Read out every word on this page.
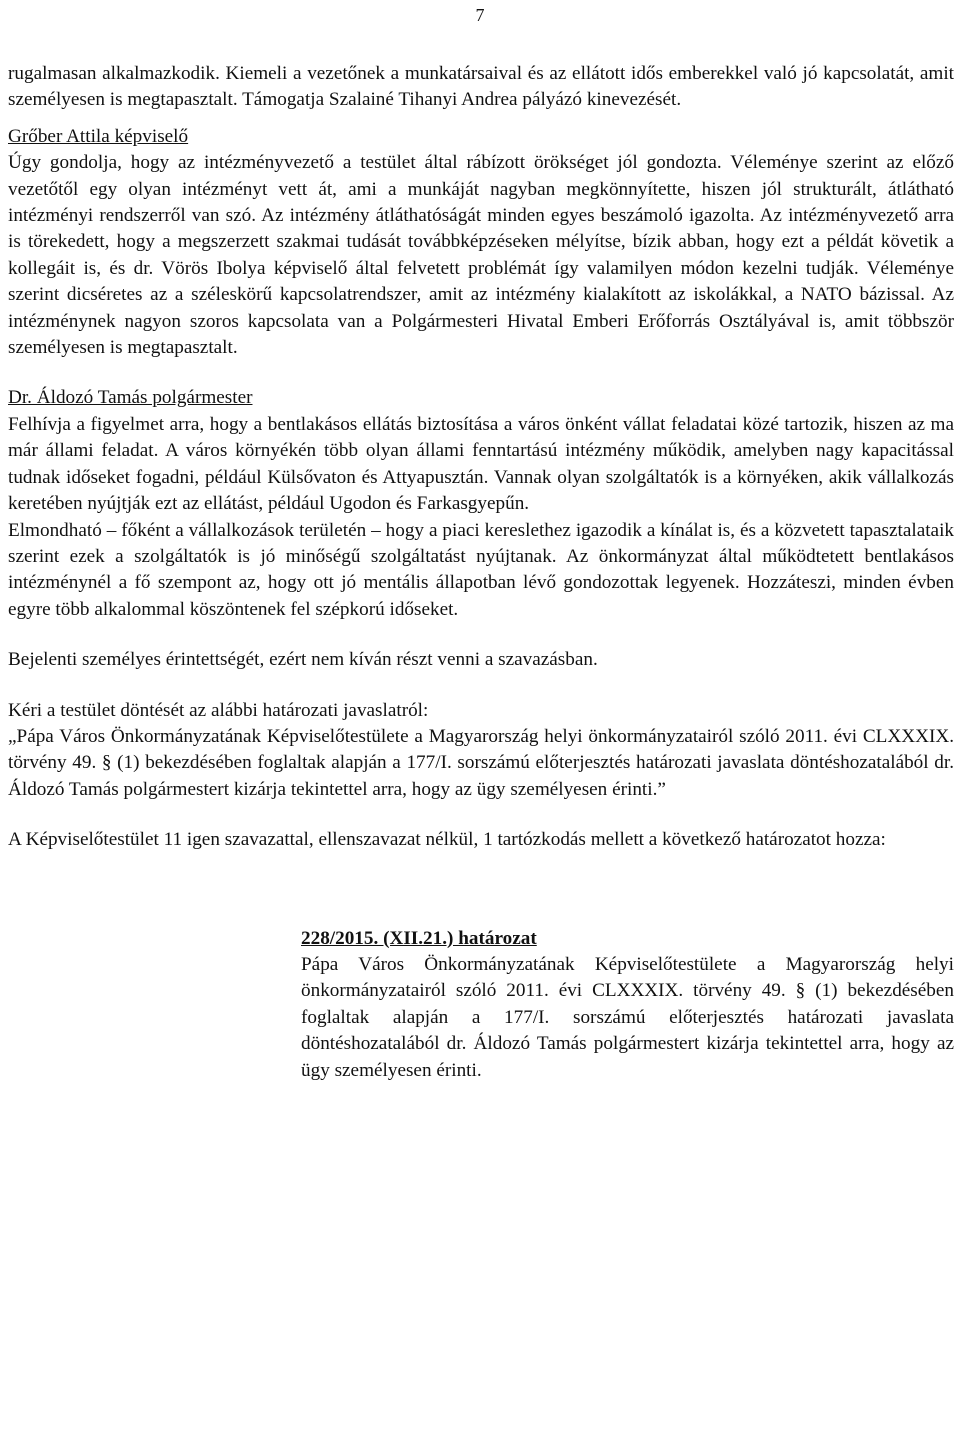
7

rugalmasan alkalmazkodik. Kiemeli a vezetőnek a munkatársaival és az ellátott idős emberekkel való jó kapcsolatát, amit személyesen is megtapasztalt. Támogatja Szalainé Tihanyi Andrea pályázó kinevezését.

Grőber Attila képviselő

Úgy gondolja, hogy az intézményvezető a testület által rábízott örökséget jól gondozta. Véleménye szerint az előző vezetőtől egy olyan intézményt vett át, ami a munkáját nagyban megkönnyítette, hiszen jól strukturált, átlátható intézményi rendszerről van szó. Az intézmény átláthatóságát minden egyes beszámoló igazolta. Az intézményvezető arra is törekedett, hogy a megszerzett szakmai tudását továbbképzéseken mélyítse, bízik abban, hogy ezt a példát követik a kollegáit is, és dr. Vörös Ibolya képviselő által felvetett problémát így valamilyen módon kezelni tudják. Véleménye szerint dicséretes az a széleskörű kapcsolatrendszer, amit az intézmény kialakított az iskolákkal, a NATO bázissal. Az intézménynek nagyon szoros kapcsolata van a Polgármesteri Hivatal Emberi Erőforrás Osztályával is, amit többször személyesen is megtapasztalt.

Dr. Áldozó Tamás polgármester

Felhívja a figyelmet arra, hogy a bentlakásos ellátás biztosítása a város önként vállat feladatai közé tartozik, hiszen az ma már állami feladat. A város környékén több olyan állami fenntartású intézmény működik, amelyben nagy kapacitással tudnak időseket fogadni, például Külsővaton és Attyapusztán. Vannak olyan szolgáltatók is a környéken, akik vállalkozás keretében nyújtják ezt az ellátást, például Ugodon és Farkasgyepűn.

Elmondható – főként a vállalkozások területén – hogy a piaci kereslethez igazodik a kínálat is, és a közvetett tapasztalataik szerint ezek a szolgáltatók is jó minőségű szolgáltatást nyújtanak. Az önkormányzat által működtetett bentlakásos intézménynél a fő szempont az, hogy ott jó mentális állapotban lévő gondozottak legyenek. Hozzáteszi, minden évben egyre több alkalommal köszöntenek fel szépkorú időseket.

Bejelenti személyes érintettségét, ezért nem kíván részt venni a szavazásban.

Kéri a testület döntését az alábbi határozati javaslatról:

„Pápa Város Önkormányzatának Képviselőtestülete a Magyarország helyi önkormányzatairól szóló 2011. évi CLXXXIX. törvény 49. § (1) bekezdésében foglaltak alapján a 177/I. sorszámú előterjesztés határozati javaslata döntéshozatalából dr. Áldozó Tamás polgármestert kizárja tekintettel arra, hogy az ügy személyesen érinti.”

A Képviselőtestület 11 igen szavazattal, ellenszavazat nélkül, 1 tartózkodás mellett a következő határozatot hozza:

228/2015. (XII.21.) határozat

Pápa Város Önkormányzatának Képviselőtestülete a Magyarország helyi önkormányzatairól szóló 2011. évi CLXXXIX. törvény 49. § (1) bekezdésében foglaltak alapján a 177/I. sorszámú előterjesztés határozati javaslata döntéshozatalából dr. Áldozó Tamás polgármestert kizárja tekintettel arra, hogy az ügy személyesen érinti.
